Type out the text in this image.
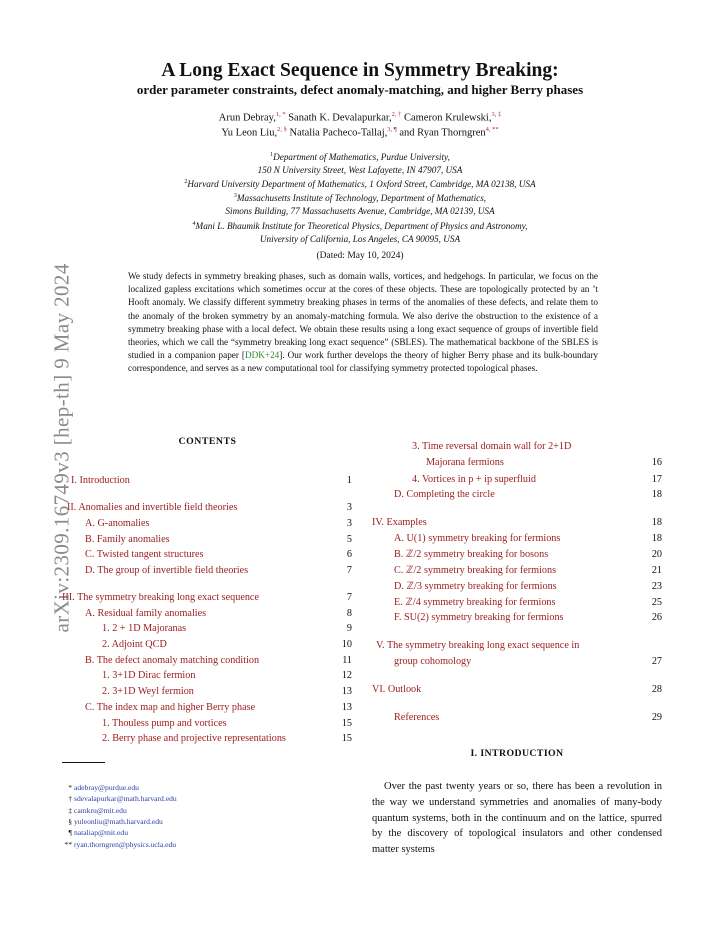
arXiv:2309.16749v3 [hep-th] 9 May 2024
A Long Exact Sequence in Symmetry Breaking:
order parameter constraints, defect anomaly-matching, and higher Berry phases
Arun Debray,$^{1, *}$ Sanath K. Devalapurkar,$^{2, \dagger}$ Cameron Krulewski,$^{3, \ddagger}$
Yu Leon Liu,$^{2, \S}$ Natalia Pacheco-Tallaj,$^{3, \P}$ and Ryan Thorngren$^{4, **}$
$^1$Department of Mathematics, Purdue University,
150 N University Street, West Lafayette, IN 47907, USA
$^2$Harvard University Department of Mathematics, 1 Oxford Street, Cambridge, MA 02138, USA
$^3$Massachusetts Institute of Technology, Department of Mathematics,
Simons Building, 77 Massachusetts Avenue, Cambridge, MA 02139, USA
$^4$Mani L. Bhaumik Institute for Theoretical Physics, Department of Physics and Astronomy,
University of California, Los Angeles, CA 90095, USA
(Dated: May 10, 2024)
We study defects in symmetry breaking phases, such as domain walls, vortices, and hedgehogs. In particular, we focus on the localized gapless excitations which sometimes occur at the cores of these objects. These are topologically protected by an ’t Hooft anomaly. We classify different symmetry breaking phases in terms of the anomalies of these defects, and relate them to the anomaly of the broken symmetry by an anomaly-matching formula. We also derive the obstruction to the existence of a symmetry breaking phase with a local defect. We obtain these results using a long exact sequence of groups of invertible field theories, which we call the “symmetry breaking long exact sequence” (SBLES). The mathematical backbone of the SBLES is studied in a companion paper [DDK+24]. Our work further develops the theory of higher Berry phase and its bulk-boundary correspondence, and serves as a new computational tool for classifying symmetry protected topological phases.
CONTENTS
I. Introduction	1
II. Anomalies and invertible field theories	3
A. G-anomalies	3
B. Family anomalies	5
C. Twisted tangent structures	6
D. The group of invertible field theories	7
III. The symmetry breaking long exact sequence	7
A. Residual family anomalies	8
1. 2 + 1D Majoranas	9
2. Adjoint QCD	10
B. The defect anomaly matching condition	11
1. 3+1D Dirac fermion	12
2. 3+1D Weyl fermion	13
C. The index map and higher Berry phase	13
1. Thouless pump and vortices	15
2. Berry phase and projective representations	15
3. Time reversal domain wall for 2+1D
Majorana fermions	16
4. Vortices in p + ip superfluid	17
D. Completing the circle	18
IV. Examples	18
A. U(1) symmetry breaking for fermions	18
B. ℤ/2 symmetry breaking for bosons	20
C. ℤ/2 symmetry breaking for fermions	21
D. ℤ/3 symmetry breaking for fermions	23
E. ℤ/4 symmetry breaking for fermions	25
F. SU(2) symmetry breaking for fermions	26
V. The symmetry breaking long exact sequence in
group cohomology	27
VI. Outlook	28
References	29
* adebray@purdue.edu
† sdevalapurkar@math.harvard.edu
‡ camkru@mit.edu
§ yuleonliu@math.harvard.edu
¶ nataliap@mit.edu
** ryan.thorngren@physics.ucla.edu
I. INTRODUCTION
Over the past twenty years or so, there has been a revolution in the way we understand symmetries and anomalies of many-body quantum systems, both in the continuum and on the lattice, spurred by the discovery of topological insulators and other condensed matter systems
